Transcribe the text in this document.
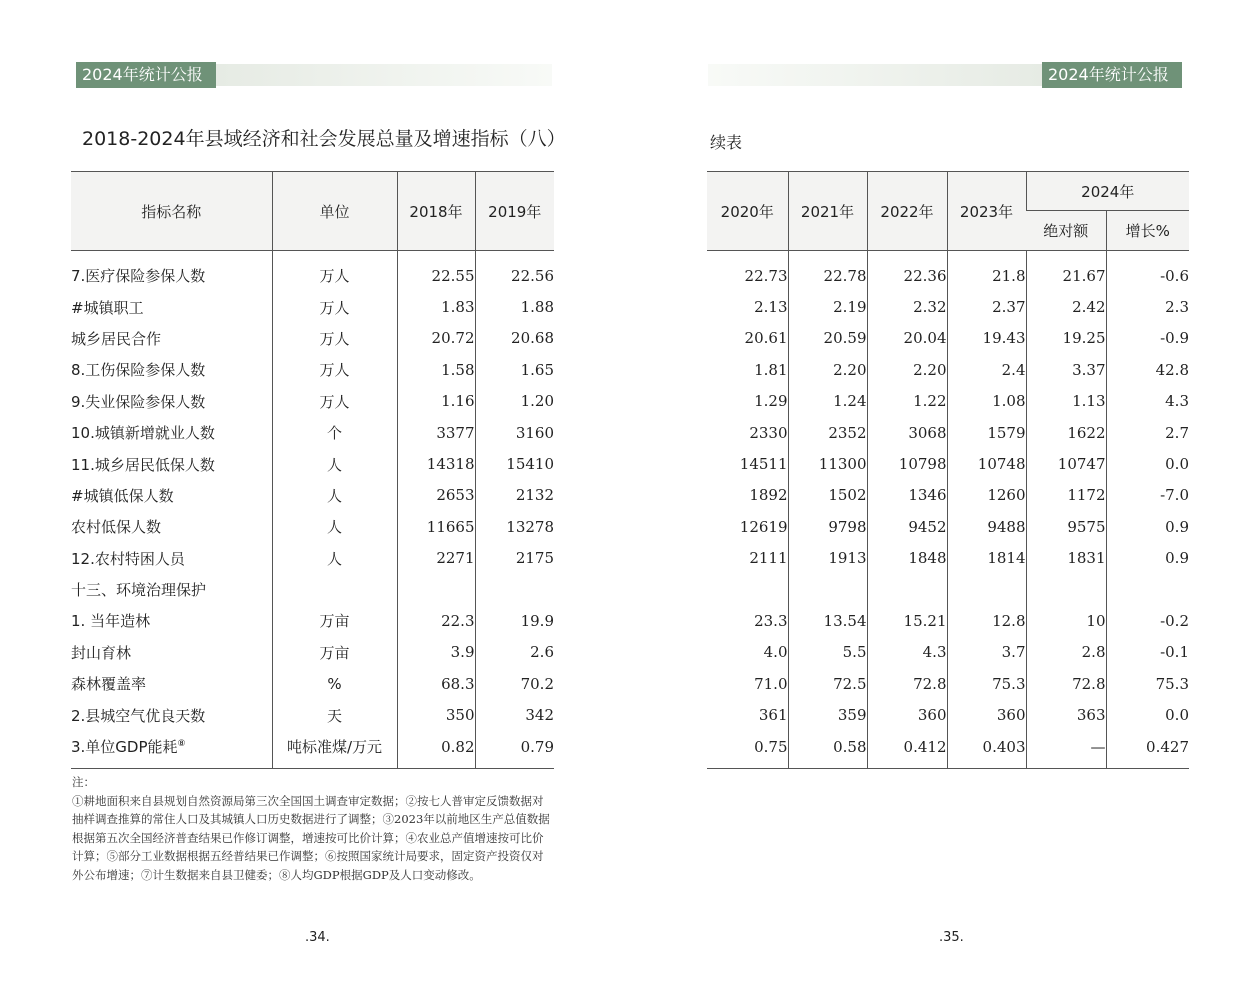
2024年统计公报
2018-2024年县域经济和社会发展总量及增速指标（八）
指标名称	单位	2018年	2019年

7.医疗保险参保人数	万人	22.55	22.56
#城镇职工	万人	1.83	1.88
城乡居民合作	万人	20.72	20.68
8.工伤保险参保人数	万人	1.58	1.65
9.失业保险参保人数	万人	1.16	1.20
10.城镇新增就业人数	个	3377	3160
11.城乡居民低保人数	人	14318	15410
#城镇低保人数	人	2653	2132
农村低保人数	人	11665	13278
12.农村特困人员	人	2271	2175
十三、环境治理保护			
1. 当年造林	万亩	22.3	19.9
封山育林	万亩	3.9	2.6
森林覆盖率	%	68.3	70.2
2.县城空气优良天数	天	350	342
3.单位GDP能耗⑧	吨标准煤/万元	0.82	0.79

注：

①耕地面积来自县规划自然资源局第三次全国国土调查审定数据；②按七人普审定反馈数据对抽样调查推算的常住人口及其城镇人口历史数据进行了调整；③2023年以前地区生产总值数据根据第五次全国经济普查结果已作修订调整，增速按可比价计算；④农业总产值增速按可比价计算；⑤部分工业数据根据五经普结果已作调整；⑥按照国家统计局要求，固定资产投资仅对外公布增速；⑦计生数据来自县卫健委；⑧人均GDP根据GDP及人口变动修改。

.34.
2024年统计公报
续表
2020年	2021年	2022年	2023年	2024年	
				绝对额	增长%

22.73	22.78	22.36	21.8	21.67	-0.6
2.13	2.19	2.32	2.37	2.42	2.3
20.61	20.59	20.04	19.43	19.25	-0.9
1.81	2.20	2.20	2.4	3.37	42.8
1.29	1.24	1.22	1.08	1.13	4.3
2330	2352	3068	1579	1622	2.7
14511	11300	10798	10748	10747	0.0
1892	1502	1346	1260	1172	-7.0
12619	9798	9452	9488	9575	0.9
2111	1913	1848	1814	1831	0.9

23.3	13.54	15.21	12.8	10	-0.2
4.0	5.5	4.3	3.7	2.8	-0.1
71.0	72.5	72.8	75.3	72.8	75.3
361	359	360	360	363	0.0
0.75	0.58	0.412	0.403	—	0.427
.35.
